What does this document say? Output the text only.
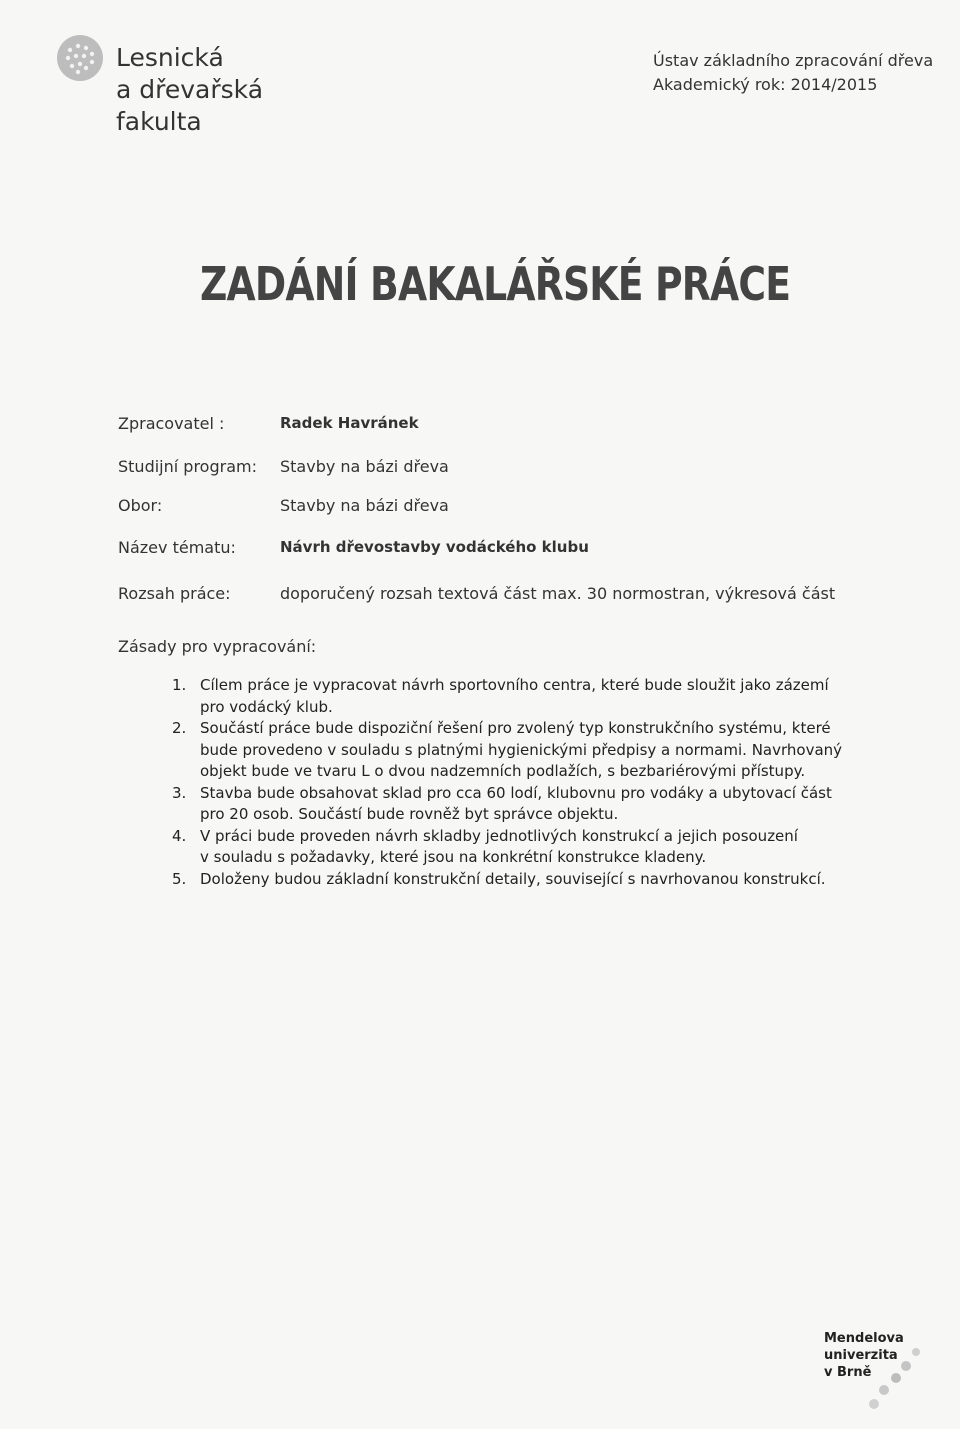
Lesnická
a dřevařská
fakulta
Ústav základního zpracování dřeva
Akademický rok: 2014/2015
ZADÁNÍ BAKALÁŘSKÉ PRÁCE
Zpracovatel :	Radek Havránek
Studijní program: Stavby na bázi dřeva
Obor:	Stavby na bázi dřeva
Název tématu:	Návrh dřevostavby vodáckého klubu
Rozsah práce:	doporučený rozsah textová část max. 30 normostran, výkresová část
Zásady pro vypracování:
1. Cílem práce je vypracovat návrh sportovního centra, které bude sloužit jako zázemí
pro vodácký klub.
2. Součástí práce bude dispoziční řešení pro zvolený typ konstrukčního systému, které
bude provedeno v souladu s platnými hygienickými předpisy a normami. Navrhovaný
objekt bude ve tvaru L o dvou nadzemních podlažích, s bezbariérovými přístupy.
3. Stavba bude obsahovat sklad pro cca 60 lodí, klubovnu pro vodáky a ubytovací část
pro 20 osob. Součástí bude rovněž byt správce objektu.
4. V práci bude proveden návrh skladby jednotlivých konstrukcí a jejich posouzení
v souladu s požadavky, které jsou na konkrétní konstrukce kladeny.
5. Doloženy budou základní konstrukční detaily, související s navrhovanou konstrukcí.
Mendelova
univerzita
v Brně
